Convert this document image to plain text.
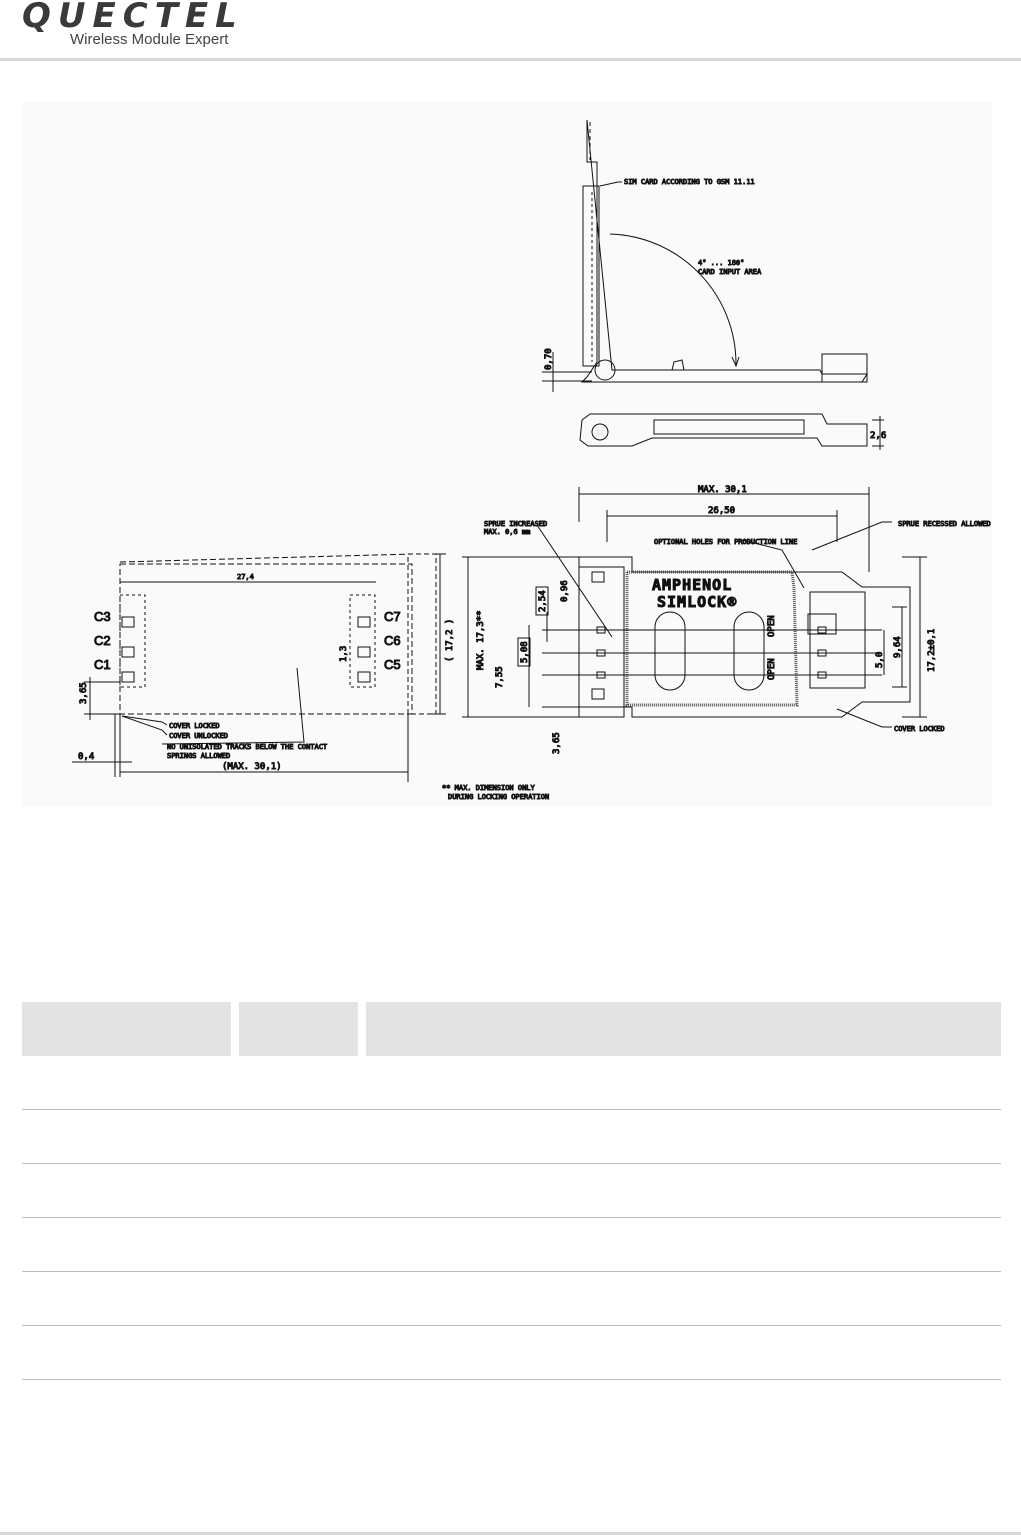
QUECTEL
Wireless Module Expert
SIM CARD ACCORDING TO GSM 11.11
4° ... 180°
CARD INPUT AREA
0,70
2,6
C3
C2
C1
C7
C6
C5
27,4
( 17,2 )
1,3
3,65
0,4
(MAX. 30,1)
COVER LOCKED
COVER UNLOCKED
NO UNISOLATED TRACKS BELOW THE CONTACT
SPRINGS ALLOWED
MAX. 30,1
26,50
SPRUE INCREASED
MAX. 0,6 mm
OPTIONAL HOLES FOR PRODUCTION LINE
SPRUE RECESSED ALLOWED
AMPHENOL
SIMLOCK®
OPEN
OPEN
2,54 0,96
5,08
MAX. 17,3**
7,55
3,65
5,0
9,64	17,2±0,1
COVER LOCKED
** MAX. DIMENSION ONLY
DURING LOCKING OPERATION
